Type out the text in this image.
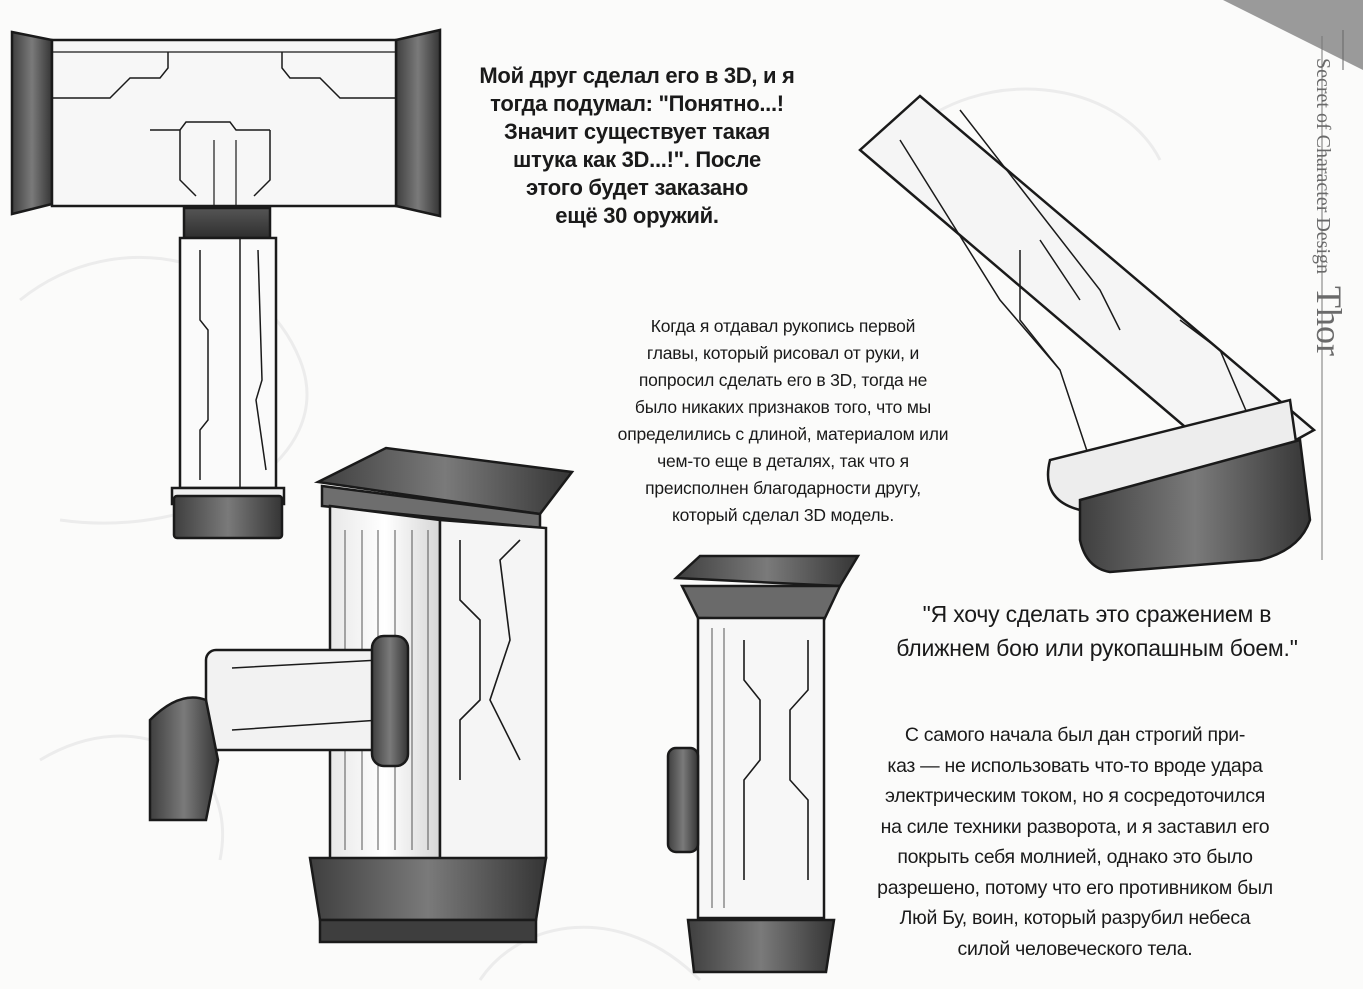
Secret of Character Design Thor

Мой друг сделал его в 3D, и я

тогда подумал: "Понятно...!

Значит существует такая

штука как 3D...!". После

этого будет заказано

ещё 30 оружий.

Когда я отдавал рукопись первой

главы, который рисовал от руки, и

попросил сделать его в 3D, тогда не

было никаких признаков того, что мы

определились с длиной, материалом или

чем-то еще в деталях, так что я

преисполнен благодарности другу,

который сделал 3D модель.

"Я хочу сделать это сражением в

ближнем бою или рукопашным боем."

С самого начала был дан строгий при-

каз — не использовать что-то вроде удара

электрическим током, но я сосредоточился

на силе техники разворота, и я заставил его

покрыть себя молнией, однако это было

разрешено, потому что его противником был

Люй Бу, воин, который разрубил небеса

силой человеческого тела.
